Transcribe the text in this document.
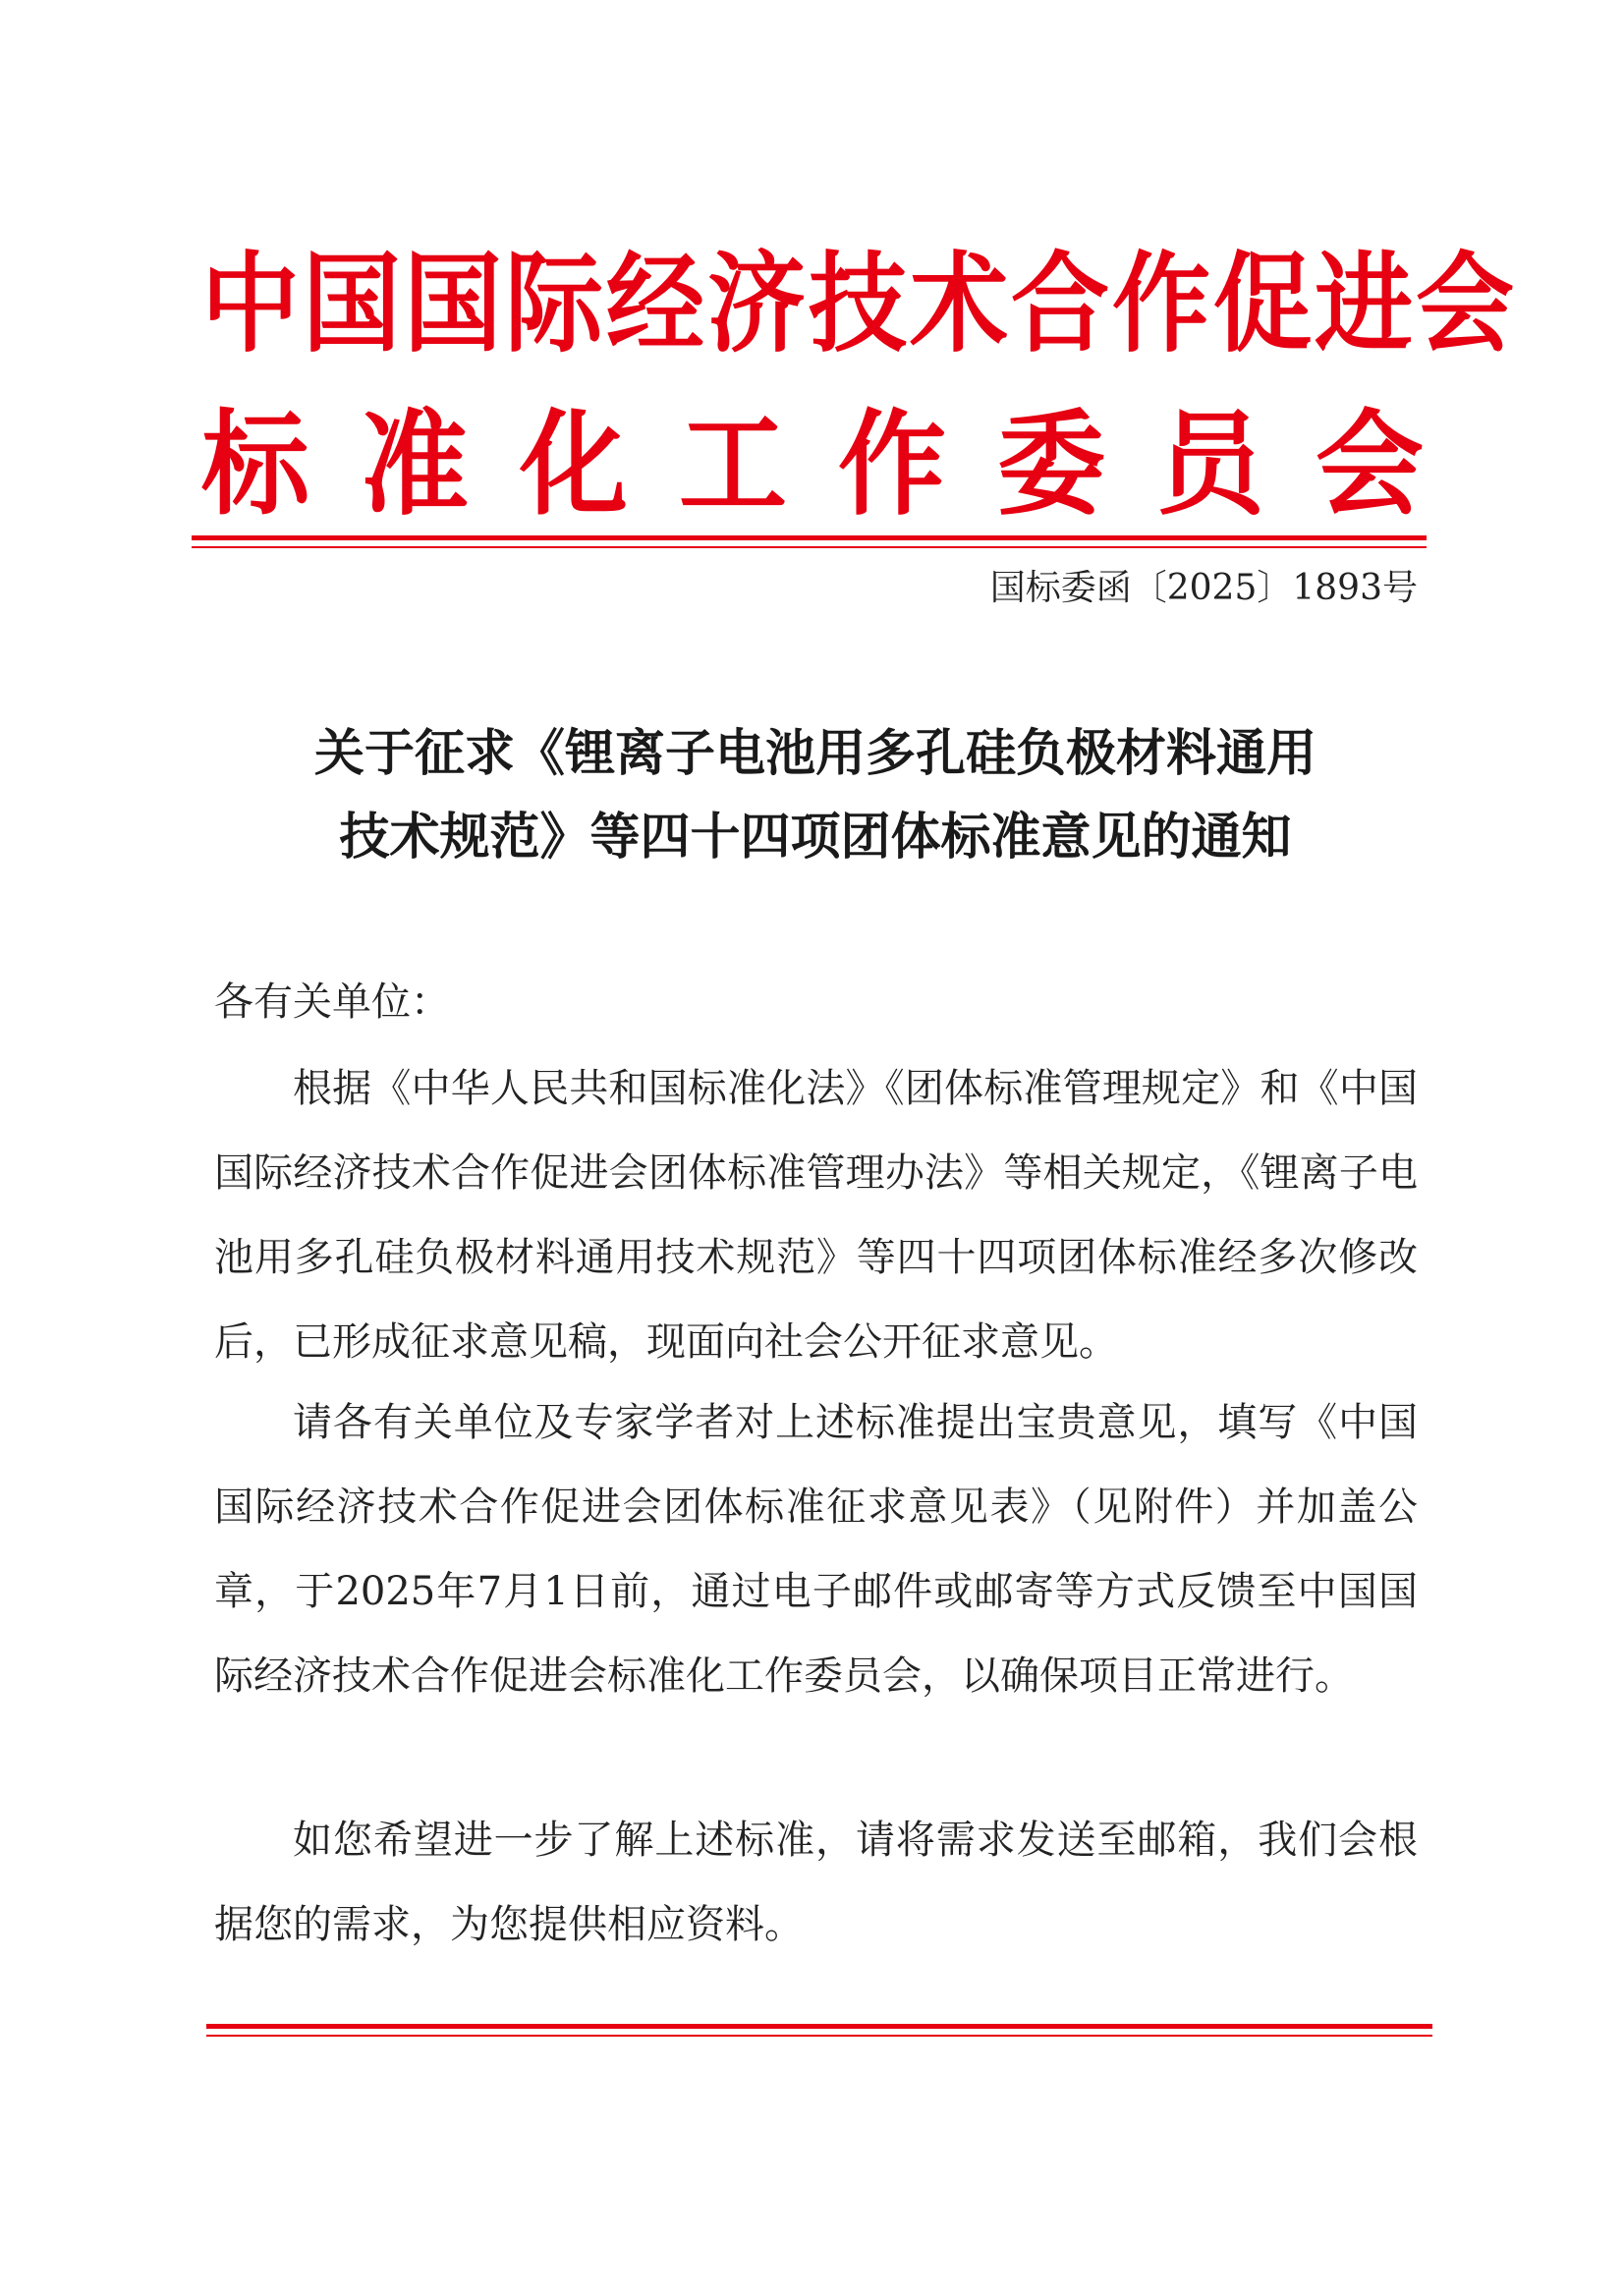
中国国际经济技术合作促进会
标准化工作委员会
国标委函〔2025〕1893号
关于征求《锂离子电池用多孔硅负极材料通用
技术规范》等四十四项团体标准意见的通知
各有关单位：

根据《中华人民共和国标准化法》《团体标准管理规定》和《中国国际经济技术合作促进会团体标准管理办法》等相关规定，《锂离子电池用多孔硅负极材料通用技术规范》等四十四项团体标准经多次修改后，已形成征求意见稿，现面向社会公开征求意见。

请各有关单位及专家学者对上述标准提出宝贵意见，填写《中国国际经济技术合作促进会团体标准征求意见表》（见附件）并加盖公章，于2025年7月1日前，通过电子邮件或邮寄等方式反馈至中国国际经济技术合作促进会标准化工作委员会，以确保项目正常进行。

如您希望进一步了解上述标准，请将需求发送至邮箱，我们会根据您的需求，为您提供相应资料。
